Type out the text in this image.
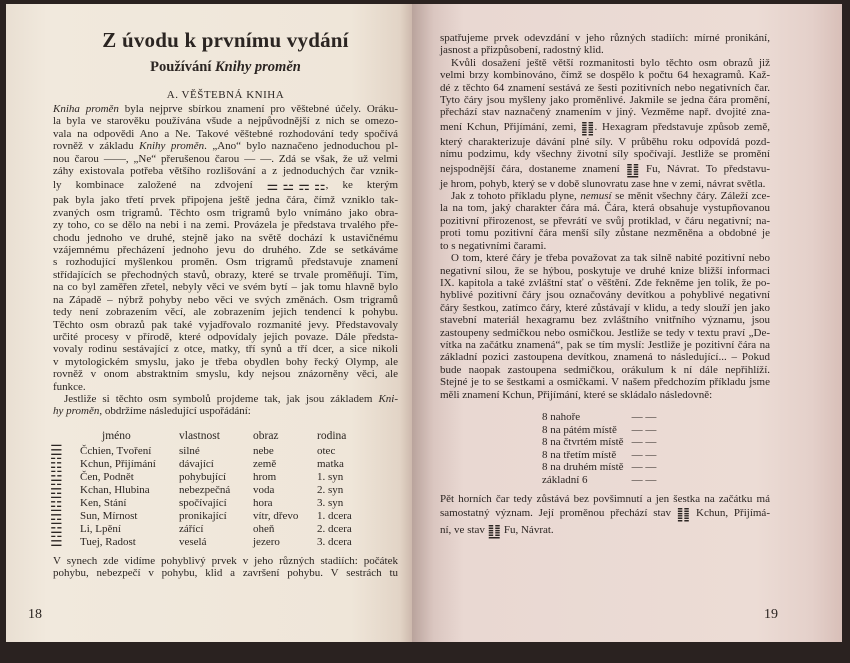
Z úvodu k prvnímu vydání
Používání Knihy proměn
A. VĚŠTEBNÁ KNIHA
Kniha proměn byla nejprve sbírkou znamení pro věštebné účely. Oráku-
la byla ve starověku používána všude a nejpůvodnější z nich se omezo-
vala na odpovědi Ano a Ne. Takové věštebné rozhodování tedy spočívá
rovněž v základu Knihy proměn. „Ano“ bylo naznačeno jednoduchou pl-
nou čarou ——, „Ne“ přerušenou čarou — —. Zdá se však, že už velmi
záhy existovala potřeba většího rozlišování a z jednoduchých čar vznik-
ly kombinace založené na zdvojení ⚌ ⚍ ⚎ ⚏, ke kterým
pak byla jako třetí prvek připojena ještě jedna čára, čímž vzniklo tak-
zvaných osm trigramů. Těchto osm trigramů bylo vnímáno jako obra-
zy toho, co se dělo na nebi i na zemi. Provázela je představa trvalého pře-
chodu jednoho ve druhé, stejně jako na světě dochází k ustavičnému
vzájemnému přecházení jednoho jevu do druhého. Zde se setkáváme
s rozhodující myšlenkou proměn. Osm trigramů představuje znamení
střídajících se přechodných stavů, obrazy, které se trvale proměňují. Tím,
na co byl zaměřen zřetel, nebyly věci ve svém bytí – jak tomu hlavně bylo
na Západě – nýbrž pohyby nebo věci ve svých změnách. Osm trigramů
tedy není zobrazením věcí, ale zobrazením jejich tendencí k pohybu.
Těchto osm obrazů pak také vyjadřovalo rozmanité jevy. Představovaly
určité procesy v přírodě, které odpovídaly jejich povaze. Dále předsta-
vovaly rodinu sestávající z otce, matky, tří synů a tří dcer, a sice nikoli
v mytologickém smyslu, jako je třeba obydlen bohy řecký Olymp, ale
rovněž v onom abstraktním smyslu, kdy nejsou znázorněny věci, ale
funkce.
Jestliže si těchto osm symbolů projdeme tak, jak jsou základem Kni-
hy proměn, obdržíme následující uspořádání:
	jméno	vlastnost	obraz	rodina
☰	Čchien, Tvoření	silné	nebe	otec
☷	Kchun, Přijímání	dávající	země	matka
☳	Čen, Podnět	pohybující	hrom	1. syn
☵	Kchan, Hlubina	nebezpečná	voda	2. syn
☶	Ken, Stání	spočívající	hora	3. syn
☴	Sun, Mírnost	pronikající	vítr, dřevo	1. dcera
☲	Li, Lpění	zářící	oheň	2. dcera
☱	Tuej, Radost	veselá	jezero	3. dcera
V synech zde vidíme pohyblivý prvek v jeho různých stadiích: počátek
pohybu, nebezpečí v pohybu, klid a završení pohybu. V sestrách tu
18
spatřujeme prvek odevzdání v jeho různých stadiích: mírné pronikání,
jasnost a přizpůsobení, radostný klid.
Kvůli dosažení ještě větší rozmanitosti bylo těchto osm obrazů již
velmi brzy kombinováno, čímž se dospělo k počtu 64 hexagramů. Kaž-
dé z těchto 64 znamení sestává ze šesti pozitivních nebo negativních čar.
Tyto čáry jsou myšleny jako proměnlivé. Jakmile se jedna čára promění,
přechází stav naznačený znamením v jiný. Vezměme např. dvojité zna-
mení Kchun, Přijímání, zemi, ䷁. Hexagram představuje způsob země,
který charakterizuje dávání plné síly. V průběhu roku odpovídá pozd-
nímu podzimu, kdy všechny životní síly spočívají. Jestliže se promění
nejspodnější čára, dostaneme znamení ䷗ Fu, Návrat. To představu-
je hrom, pohyb, který se v době slunovratu zase hne v zemi, návrat světla.
Jak z tohoto příkladu plyne, nemusí se měnit všechny čáry. Záleží zce-
la na tom, jaký charakter čára má. Čára, která obsahuje vystupňovanou
pozitivní přirozenost, se převrátí ve svůj protiklad, v čáru negativní; na-
proti tomu pozitivní čára menší síly zůstane nezměněna a obdobné je
to s negativními čarami.
O tom, které čáry je třeba považovat za tak silně nabité pozitivní nebo
negativní silou, že se hýbou, poskytuje ve druhé knize bližší informaci
IX. kapitola a také zvláštní stať o věštění. Zde řekněme jen tolik, že po-
hyblivé pozitivní čáry jsou označovány devítkou a pohyblivé negativní
čáry šestkou, zatímco čáry, které zůstávají v klidu, a tedy slouží jen jako
stavební materiál hexagramu bez zvláštního vnitřního významu, jsou
zastoupeny sedmičkou nebo osmičkou. Jestliže se tedy v textu praví „De-
vítka na začátku znamená“, pak se tím myslí: Jestliže je pozitivní čára na
základní pozici zastoupena devítkou, znamená to následující... – Pokud
bude naopak zastoupena sedmičkou, orákulum k ní dále nepřihlíží.
Stejné je to se šestkami a osmičkami. V našem předchozím příkladu jsme
měli znamení Kchun, Přijímání, které se skládalo následovně:
8 nahoře	— —
8 na pátém místě	— —
8 na čtvrtém místě	— —
8 na třetím místě	— —
8 na druhém místě	— —
základní 6	— —
Pět horních čar tedy zůstává bez povšimnutí a jen šestka na začátku má
samostatný význam. Její proměnou přechází stav ䷁ Kchun, Přijímá-
ní, ve stav ䷗ Fu, Návrat.
19
